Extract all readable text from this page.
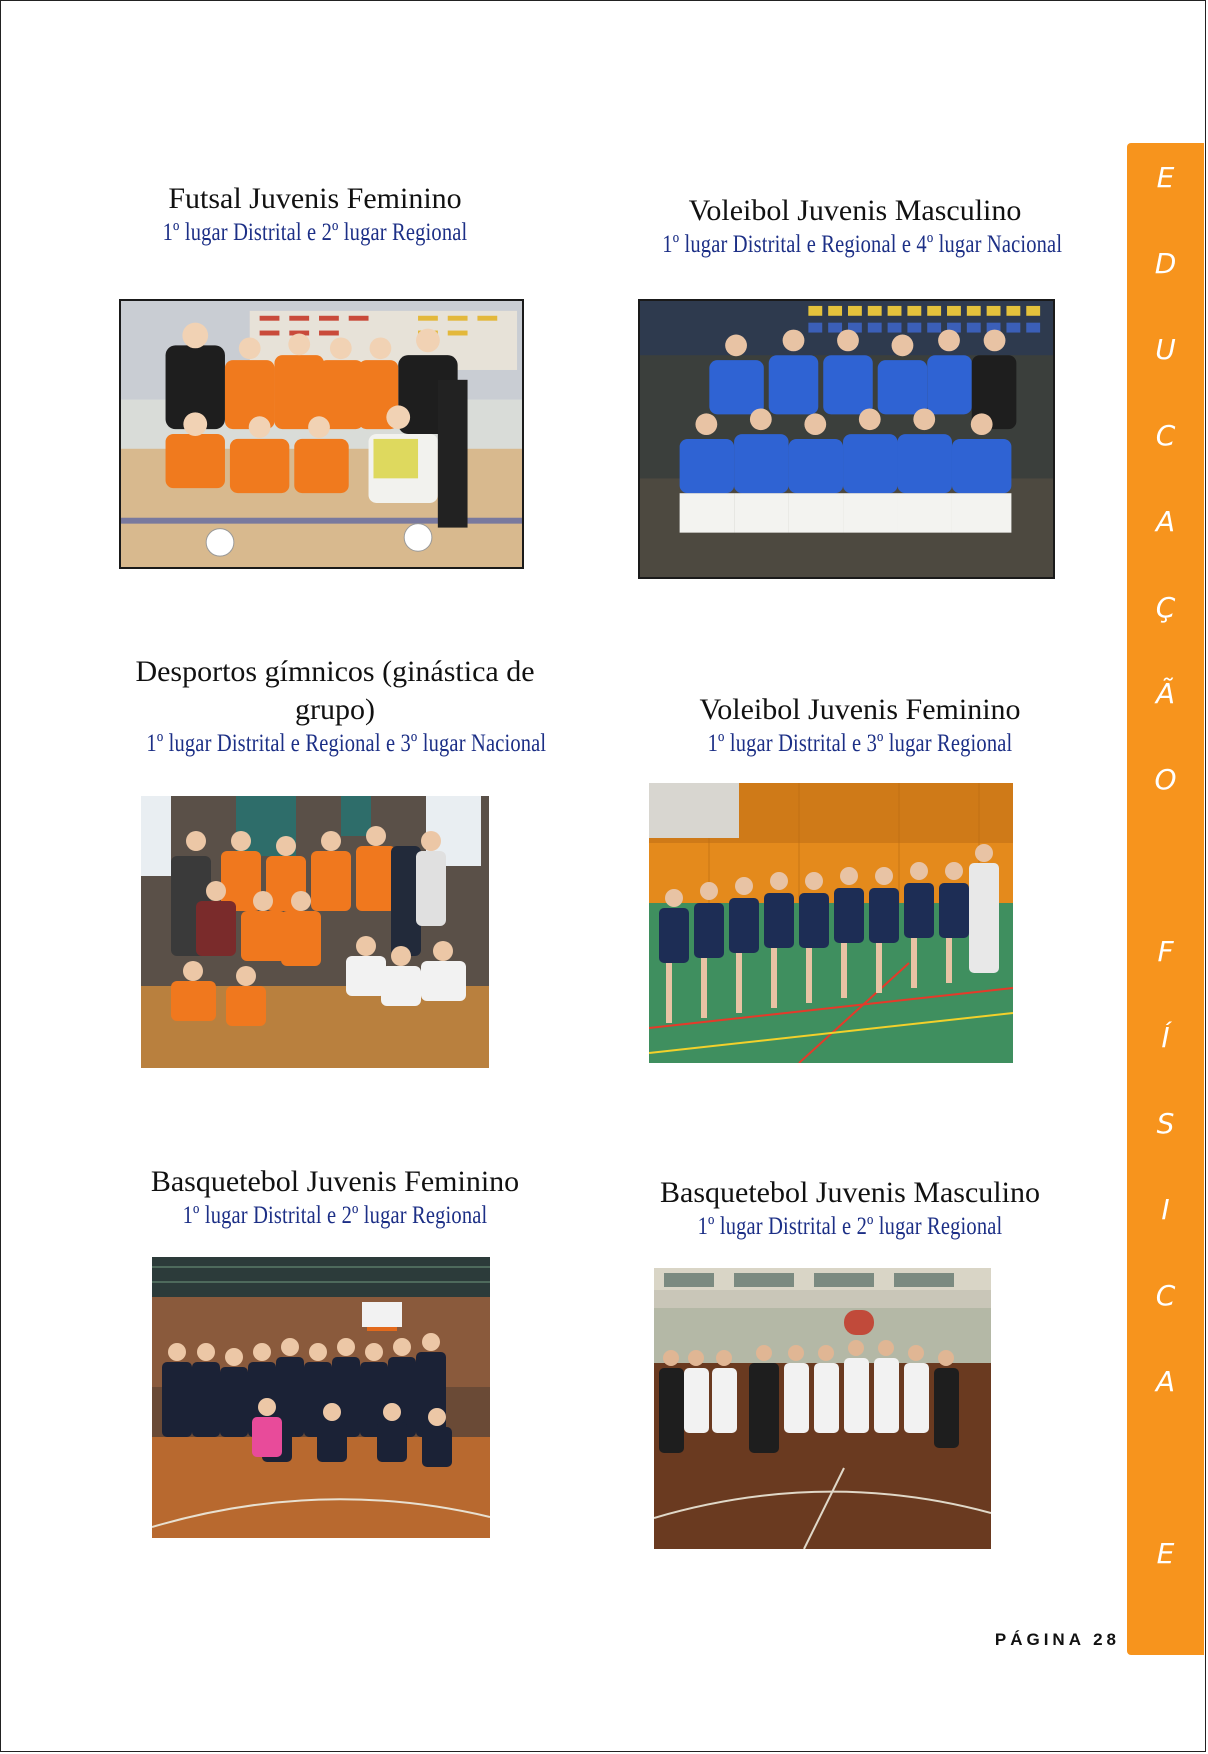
Futsal Juvenis Feminino
1º lugar Distrital e 2º lugar Regional
Voleibol Juvenis Masculino
1º lugar Distrital e Regional e 4º lugar Nacional
Desportos gímnicos (ginástica de
grupo)
1º lugar Distrital e Regional e 3º lugar Nacional
Voleibol Juvenis Feminino
1º lugar Distrital e 3º lugar Regional
Basquetebol Juvenis Feminino
1º lugar Distrital e 2º lugar Regional
Basquetebol Juvenis Masculino
1º lugar Distrital e 2º lugar Regional
E
D
U
C
A
Ç
Ã
O
F
Í
S
I
C
A
E
PÁGINA 28
